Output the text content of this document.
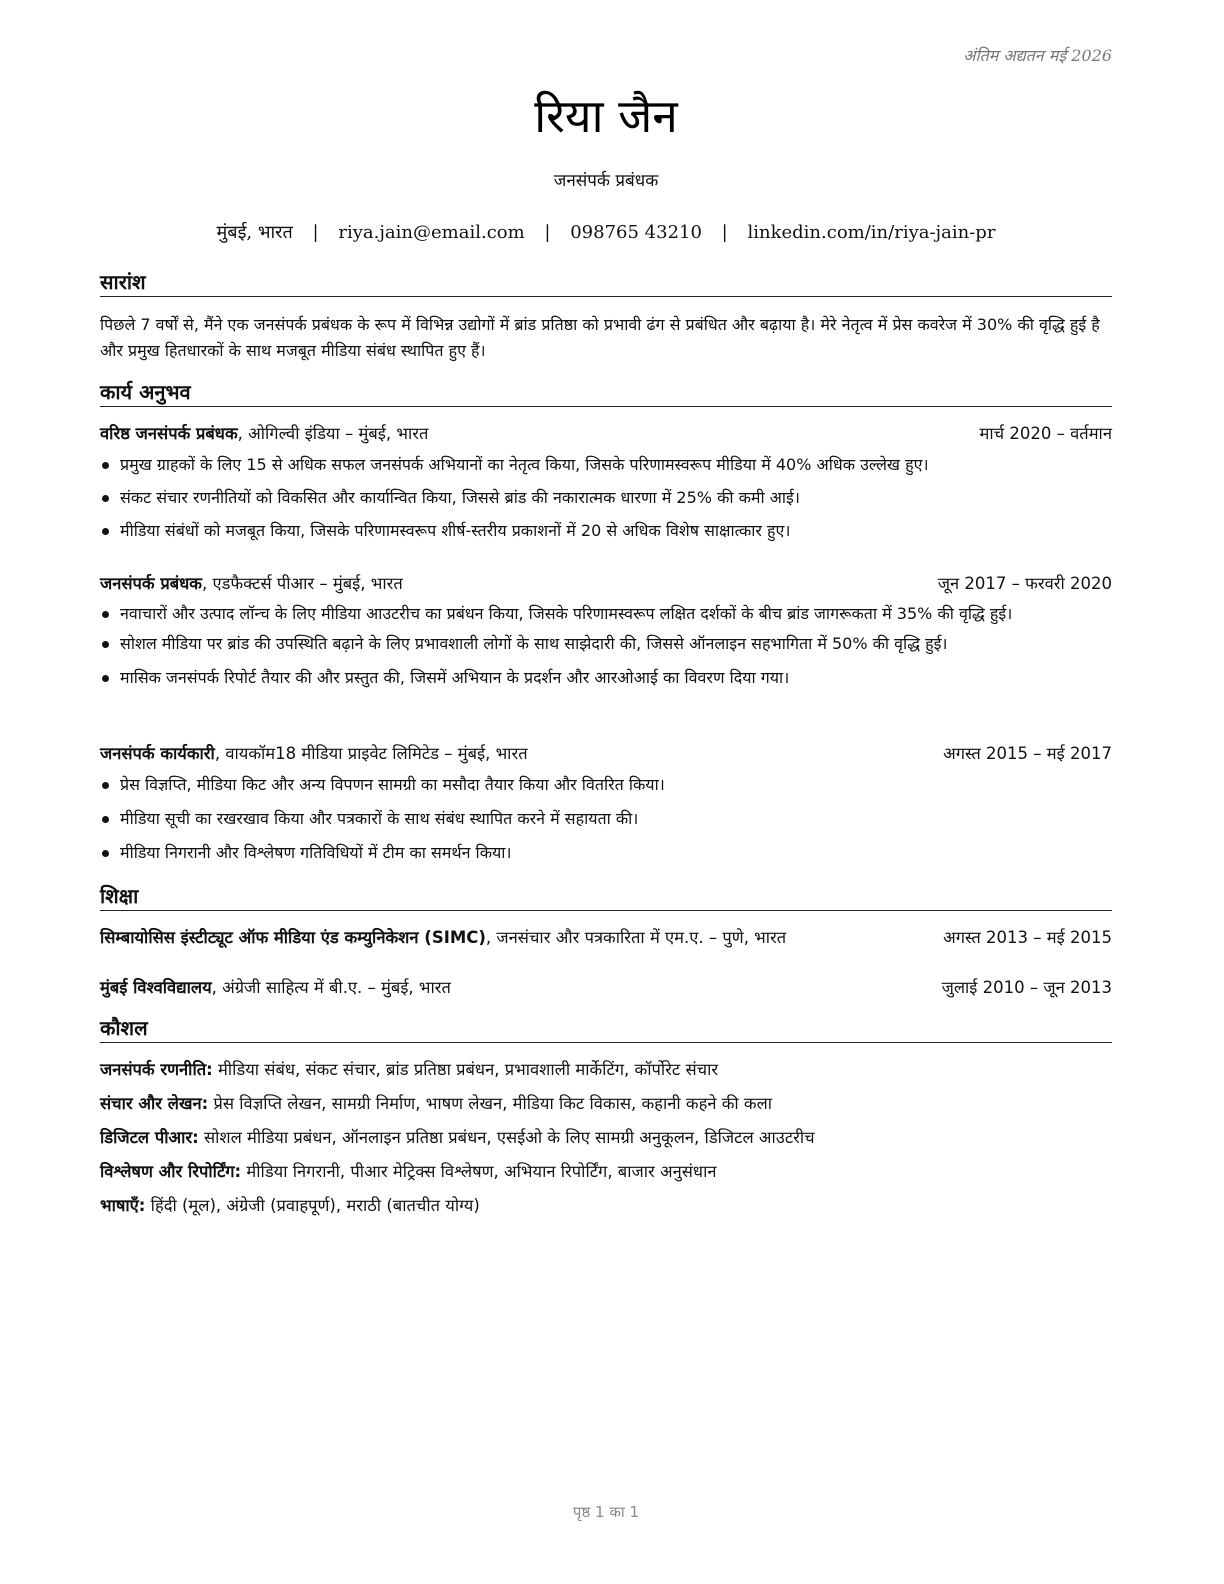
अंतिम अद्यतन मई 2026
रिया जैन
जनसंपर्क प्रबंधक
मुंबई, भारत | riya.jain@email.com | 098765 43210 | linkedin.com/in/riya-jain-pr
सारांश
पिछले 7 वर्षों से, मैंने एक जनसंपर्क प्रबंधक के रूप में विभिन्न उद्योगों में ब्रांड प्रतिष्ठा को प्रभावी ढंग से प्रबंधित और बढ़ाया है। मेरे नेतृत्व में प्रेस कवरेज में 30% की वृद्धि हुई है और प्रमुख हितधारकों के साथ मजबूत मीडिया संबंध स्थापित हुए हैं।
कार्य अनुभव
वरिष्ठ जनसंपर्क प्रबंधक, ओगिल्वी इंडिया – मुंबई, भारत	मार्च 2020 – वर्तमान
प्रमुख ग्राहकों के लिए 15 से अधिक सफल जनसंपर्क अभियानों का नेतृत्व किया, जिसके परिणामस्वरूप मीडिया में 40% अधिक उल्लेख हुए।
संकट संचार रणनीतियों को विकसित और कार्यान्वित किया, जिससे ब्रांड की नकारात्मक धारणा में 25% की कमी आई।
मीडिया संबंधों को मजबूत किया, जिसके परिणामस्वरूप शीर्ष-स्तरीय प्रकाशनों में 20 से अधिक विशेष साक्षात्कार हुए।
जनसंपर्क प्रबंधक, एडफैक्टर्स पीआर – मुंबई, भारत	जून 2017 – फरवरी 2020
नवाचारों और उत्पाद लॉन्च के लिए मीडिया आउटरीच का प्रबंधन किया, जिसके परिणामस्वरूप लक्षित दर्शकों के बीच ब्रांड जागरूकता में 35% की वृद्धि हुई।
सोशल मीडिया पर ब्रांड की उपस्थिति बढ़ाने के लिए प्रभावशाली लोगों के साथ साझेदारी की, जिससे ऑनलाइन सहभागिता में 50% की वृद्धि हुई।
मासिक जनसंपर्क रिपोर्ट तैयार की और प्रस्तुत की, जिसमें अभियान के प्रदर्शन और आरओआई का विवरण दिया गया।
जनसंपर्क कार्यकारी, वायकॉम18 मीडिया प्राइवेट लिमिटेड – मुंबई, भारत	अगस्त 2015 – मई 2017
प्रेस विज्ञप्ति, मीडिया किट और अन्य विपणन सामग्री का मसौदा तैयार किया और वितरित किया।
मीडिया सूची का रखरखाव किया और पत्रकारों के साथ संबंध स्थापित करने में सहायता की।
मीडिया निगरानी और विश्लेषण गतिविधियों में टीम का समर्थन किया।
शिक्षा
सिम्बायोसिस इंस्टीट्यूट ऑफ मीडिया एंड कम्युनिकेशन (SIMC), जनसंचार और पत्रकारिता में एम.ए. – पुणे, भारत	अगस्त 2013 – मई 2015
मुंबई विश्वविद्यालय, अंग्रेजी साहित्य में बी.ए. – मुंबई, भारत	जुलाई 2010 – जून 2013
कौशल
जनसंपर्क रणनीति: मीडिया संबंध, संकट संचार, ब्रांड प्रतिष्ठा प्रबंधन, प्रभावशाली मार्केटिंग, कॉर्पोरेट संचार
संचार और लेखन: प्रेस विज्ञप्ति लेखन, सामग्री निर्माण, भाषण लेखन, मीडिया किट विकास, कहानी कहने की कला
डिजिटल पीआर: सोशल मीडिया प्रबंधन, ऑनलाइन प्रतिष्ठा प्रबंधन, एसईओ के लिए सामग्री अनुकूलन, डिजिटल आउटरीच
विश्लेषण और रिपोर्टिंग: मीडिया निगरानी, पीआर मेट्रिक्स विश्लेषण, अभियान रिपोर्टिंग, बाजार अनुसंधान
भाषाएँ: हिंदी (मूल), अंग्रेजी (प्रवाहपूर्ण), मराठी (बातचीत योग्य)
पृष्ठ 1 का 1
